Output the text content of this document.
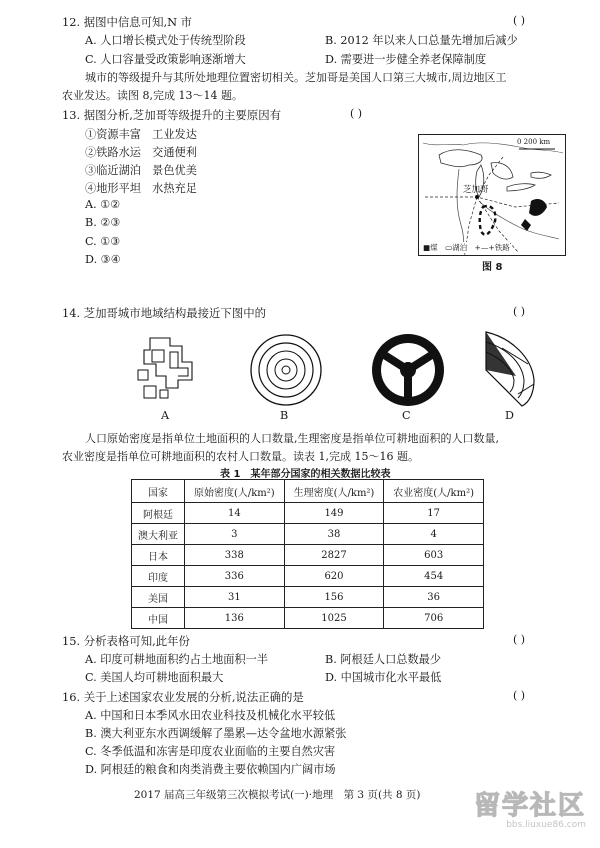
12. 据图中信息可知,N 市	( )
A. 人口增长模式处于传统型阶段	B. 2012 年以来人口总量先增加后减少
C. 人口容量受政策影响逐渐增大	D. 需要进一步健全养老保障制度
城市的等级提升与其所处地理位置密切相关。芝加哥是美国人口第三大城市,周边地区工
农业发达。读图 8,完成 13～14 题。
13. 据图分析,芝加哥等级提升的主要原因有	( )
①资源丰富　工业发达
②铁路水运　交通便利
③临近湖泊　景色优美
④地形平坦　水热充足
A. ①②
B. ②③
C. ①③
D. ③④
0 200 km
芝加哥
■煤　▭湖泊　+—+铁路
图 8
14. 芝加哥城市地域结构最接近下图中的	( )
A	B	C	D
人口原始密度是指单位土地面积的人口数量,生理密度是指单位可耕地面积的人口数量,
农业密度是指单位可耕地面积的农村人口数量。读表 1,完成 15～16 题。
表 1　某年部分国家的相关数据比较表
国家	原始密度(人/km²)	生理密度(人/km²)	农业密度(人/km²)
阿根廷	14	149	17
澳大利亚	3	38	4
日本	338	2827	603
印度	336	620	454
美国	31	156	36
中国	136	1025	706
15. 分析表格可知,此年份	( )
A. 印度可耕地面积约占土地面积一半	B. 阿根廷人口总数最少
C. 美国人均可耕地面积最大	D. 中国城市化水平最低
16. 关于上述国家农业发展的分析,说法正确的是	( )
A. 中国和日本季风水田农业科技及机械化水平较低
B. 澳大利亚东水西调缓解了墨累—达令盆地水源紧张
C. 冬季低温和冻害是印度农业面临的主要自然灾害
D. 阿根廷的粮食和肉类消费主要依赖国内广阔市场
2017 届高三年级第三次模拟考试(一)·地理　第 3 页(共 8 页)	留学社区
bbs.liuxue86.com
